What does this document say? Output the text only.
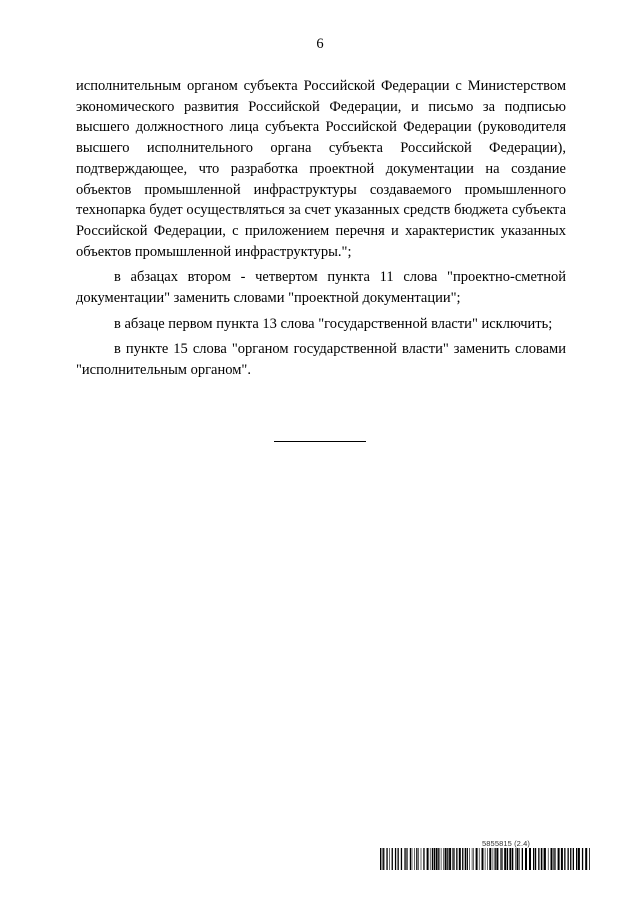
6

исполнительным органом субъекта Российской Федерации с Министерством экономического развития Российской Федерации, и письмо за подписью высшего должностного лица субъекта Российской Федерации (руководителя высшего исполнительного органа субъекта Российской Федерации), подтверждающее, что разработка проектной документации на создание объектов промышленной инфраструктуры создаваемого промышленного технопарка будет осуществляться за счет указанных средств бюджета субъекта Российской Федерации, с приложением перечня и характеристик указанных объектов промышленной инфраструктуры.";

в абзацах втором - четвертом пункта 11 слова "проектно-сметной документации" заменить словами "проектной документации";

в абзаце первом пункта 13 слова "государственной власти" исключить;

в пункте 15 слова "органом государственной власти" заменить словами "исполнительным органом".

5855815 (2.4)
